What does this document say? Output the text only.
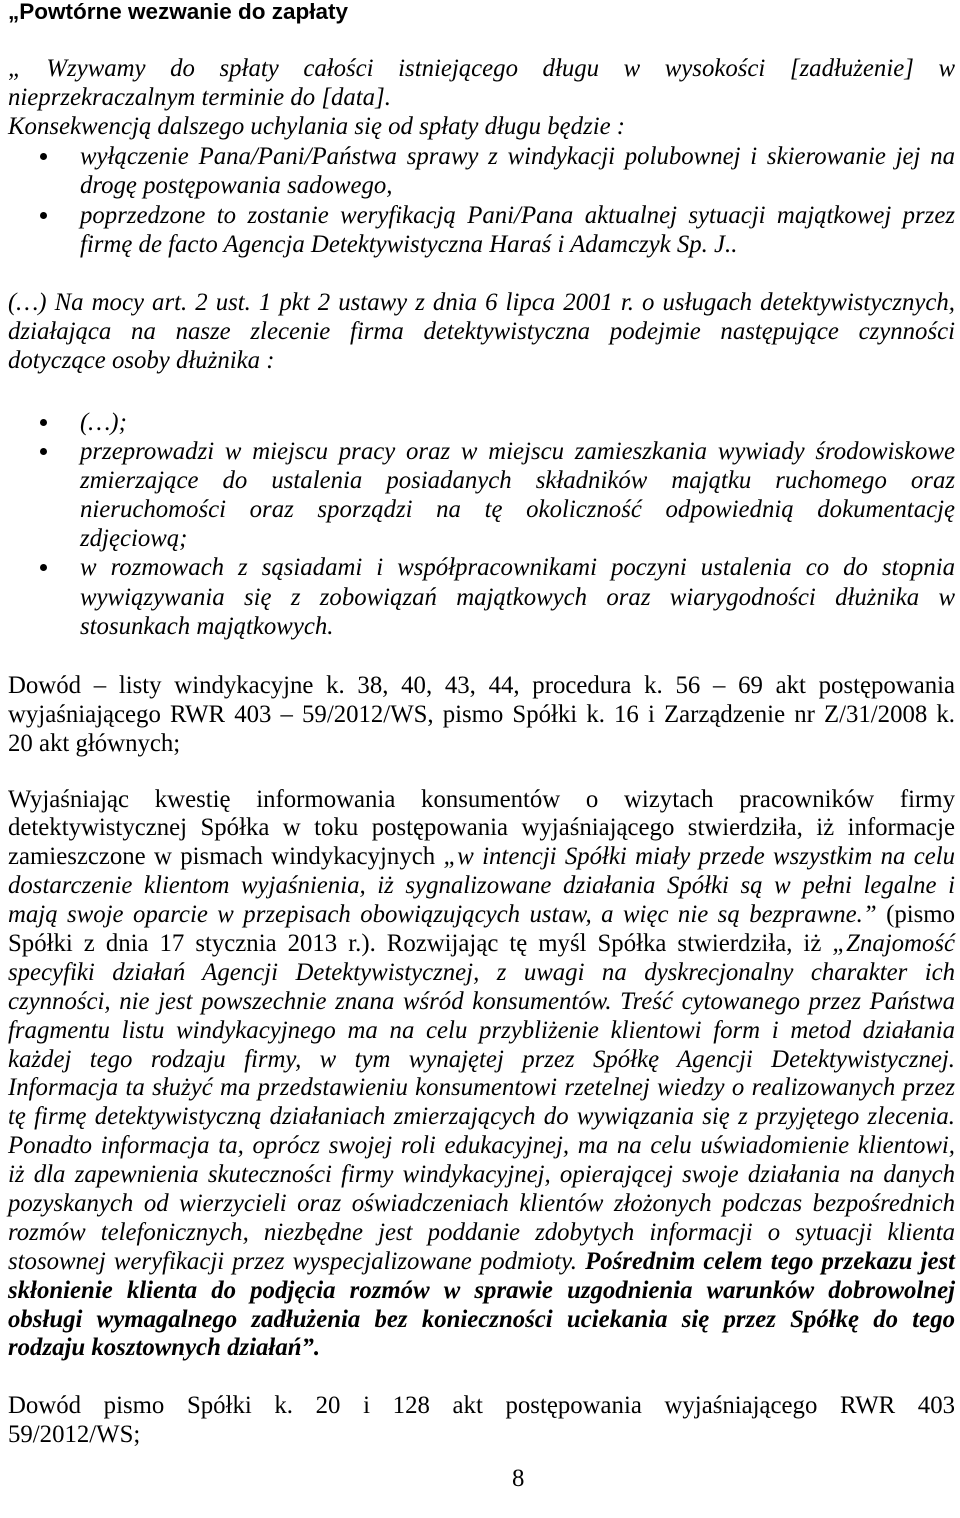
„Powtórne wezwanie do zapłaty
„ Wzywamy do spłaty całości istniejącego długu w wysokości [zadłużenie] w
nieprzekraczalnym terminie do [data].
Konsekwencją dalszego uchylania się od spłaty długu będzie :
wyłączenie Pana/Pani/Państwa sprawy z windykacji polubownej i skierowanie jej na
drogę postępowania sadowego,
poprzedzone to zostanie weryfikacją Pani/Pana aktualnej sytuacji majątkowej przez
firmę de facto Agencja Detektywistyczna Haraś i Adamczyk Sp. J..
(…) Na mocy art. 2 ust. 1 pkt 2 ustawy z dnia 6 lipca 2001 r. o usługach detektywistycznych,
działająca na nasze zlecenie firma detektywistyczna podejmie następujące czynności
dotyczące osoby dłużnika :
(…);
przeprowadzi w miejscu pracy oraz w miejscu zamieszkania wywiady środowiskowe
zmierzające do ustalenia posiadanych składników majątku ruchomego oraz
nieruchomości oraz sporządzi na tę okoliczność odpowiednią dokumentację
zdjęciową;
w rozmowach z sąsiadami i współpracownikami poczyni ustalenia co do stopnia
wywiązywania się z zobowiązań majątkowych oraz wiarygodności dłużnika w
stosunkach majątkowych.
Dowód – listy windykacyjne k. 38, 40, 43, 44, procedura k. 56 – 69 akt postępowania
wyjaśniającego RWR 403 – 59/2012/WS, pismo Spółki k. 16 i Zarządzenie nr Z/31/2008 k.
20 akt głównych;
Wyjaśniając kwestię informowania konsumentów o wizytach pracowników firmy
detektywistycznej Spółka w toku postępowania wyjaśniającego stwierdziła, iż informacje
zamieszczone w pismach windykacyjnych „w intencji Spółki miały przede wszystkim na celu
dostarczenie klientom wyjaśnienia, iż sygnalizowane działania Spółki są w pełni legalne i
mają swoje oparcie w przepisach obowiązujących ustaw, a więc nie są bezprawne.” (pismo
Spółki z dnia 17 stycznia 2013 r.). Rozwijając tę myśl Spółka stwierdziła, iż „Znajomość
specyfiki działań Agencji Detektywistycznej, z uwagi na dyskrecjonalny charakter ich
czynności, nie jest powszechnie znana wśród konsumentów. Treść cytowanego przez Państwa
fragmentu listu windykacyjnego ma na celu przybliżenie klientowi form i metod działania
każdej tego rodzaju firmy, w tym wynajętej przez Spółkę Agencji Detektywistycznej.
Informacja ta służyć ma przedstawieniu konsumentowi rzetelnej wiedzy o realizowanych przez
tę firmę detektywistyczną działaniach zmierzających do wywiązania się z przyjętego zlecenia.
Ponadto informacja ta, oprócz swojej roli edukacyjnej, ma na celu uświadomienie klientowi,
iż dla zapewnienia skuteczności firmy windykacyjnej, opierającej swoje działania na danych
pozyskanych od wierzycieli oraz oświadczeniach klientów złożonych podczas bezpośrednich
rozmów telefonicznych, niezbędne jest poddanie zdobytych informacji o sytuacji klienta
stosownej weryfikacji przez wyspecjalizowane podmioty. Pośrednim celem tego przekazu jest
skłonienie klienta do podjęcia rozmów w sprawie uzgodnienia warunków dobrowolnej
obsługi wymagalnego zadłużenia bez konieczności uciekania się przez Spółkę do tego
rodzaju kosztownych działań”.
Dowód pismo Spółki k. 20 i 128 akt postępowania wyjaśniającego RWR 403
59/2012/WS;
8
